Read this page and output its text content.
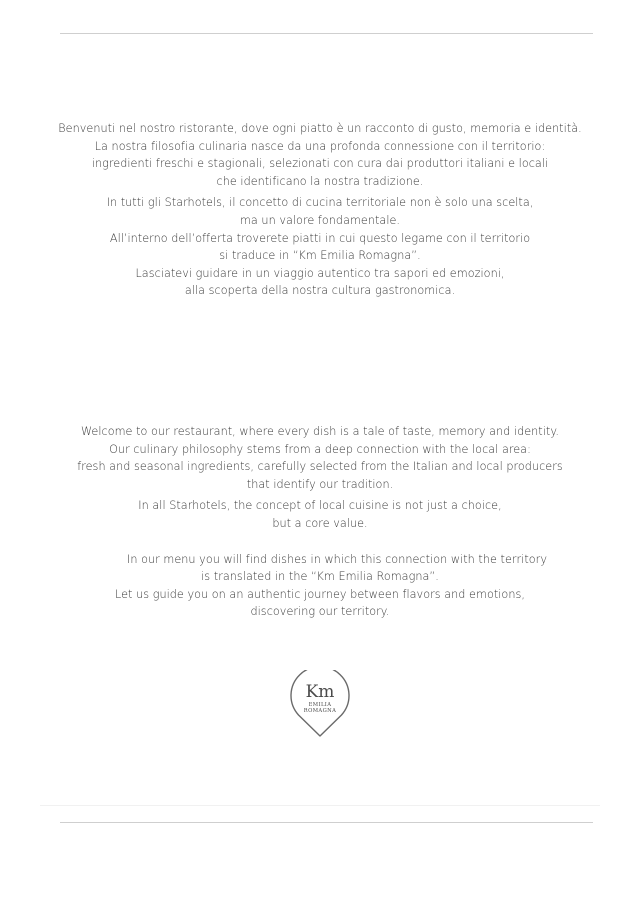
Benvenuti nel nostro ristorante, dove ogni piatto è un racconto di gusto, memoria e identità.

La nostra filosofia culinaria nasce da una profonda connessione con il territorio:

ingredienti freschi e stagionali, selezionati con cura dai produttori italiani e locali

che identificano la nostra tradizione.

In tutti gli Starhotels, il concetto di cucina territoriale non è solo una scelta,

ma un valore fondamentale.

All’interno dell’offerta troverete piatti in cui questo legame con il territorio

si traduce in “Km Emilia Romagna”.

Lasciatevi guidare in un viaggio autentico tra sapori ed emozioni,

alla scoperta della nostra cultura gastronomica.

Welcome to our restaurant, where every dish is a tale of taste, memory and identity.

Our culinary philosophy stems from a deep connection with the local area:

fresh and seasonal ingredients, carefully selected from the Italian and local producers

that identify our tradition.

In all Starhotels, the concept of local cuisine is not just a choice,

but a core value.

In our menu you will find dishes in which this connection with the territory

is translated in the “Km Emilia Romagna”.

Let us guide you on an authentic journey between flavors and emotions,

discovering our territory.

Km
EMILIA
ROMAGNA
